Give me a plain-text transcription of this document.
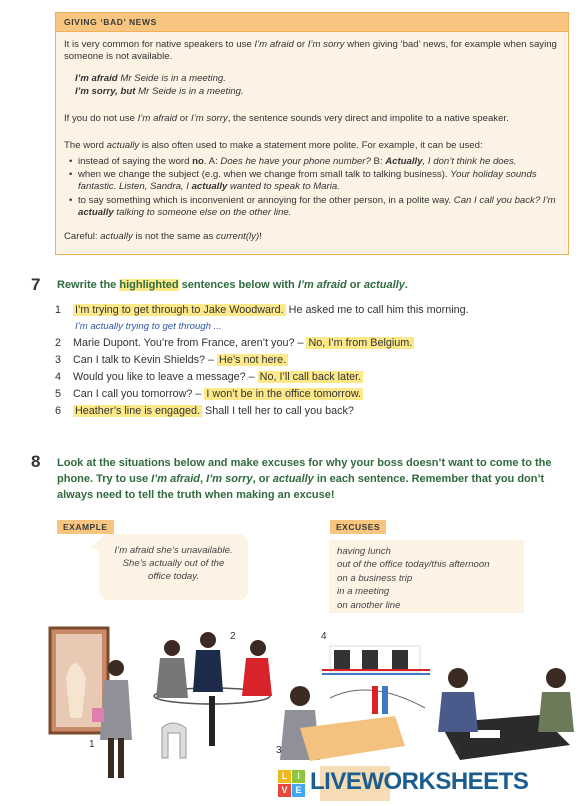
GIVING ‘BAD’ NEWS
It is very common for native speakers to use I’m afraid or I’m sorry when giving ‘bad’ news, for example when saying someone is not available.
I’m afraid Mr Seide is in a meeting.
I’m sorry, but Mr Seide is in a meeting.
If you do not use I’m afraid or I’m sorry, the sentence sounds very direct and impolite to a native speaker.
The word actually is also often used to make a statement more polite. For example, it can be used:
• instead of saying the word no. A: Does he have your phone number? B: Actually, I don’t think he does.
• when we change the subject (e.g. when we change from small talk to talking business). Your holiday sounds fantastic. Listen, Sandra, I actually wanted to speak to Maria.
• to say something which is inconvenient or annoying for the other person, in a polite way. Can I call you back? I’m actually talking to someone else on the other line.
Careful: actually is not the same as current(ly)!
7 Rewrite the highlighted sentences below with I’m afraid or actually.
1 I’m trying to get through to Jake Woodward. He asked me to call him this morning.
I’m actually trying to get through ...
2 Marie Dupont. You’re from France, aren’t you? – No, I’m from Belgium.
3 Can I talk to Kevin Shields? – He’s not here.
4 Would you like to leave a message? – No, I’ll call back later.
5 Can I call you tomorrow? – I won’t be in the office tomorrow.
6 Heather’s line is engaged. Shall I tell her to call you back?
8 Look at the situations below and make excuses for why your boss doesn’t want to come to the phone. Try to use I’m afraid, I’m sorry, or actually in each sentence. Remember that you don’t always need to tell the truth when making an excuse!
EXAMPLE	EXCUSES
I’m afraid she’s unavailable.
She’s actually out of the
office today.
having lunch
out of the office today/this afternoon
on a business trip
in a meeting
on another line
1
2
3
4
5
L	I
V E LIVEWORKSHEETS
